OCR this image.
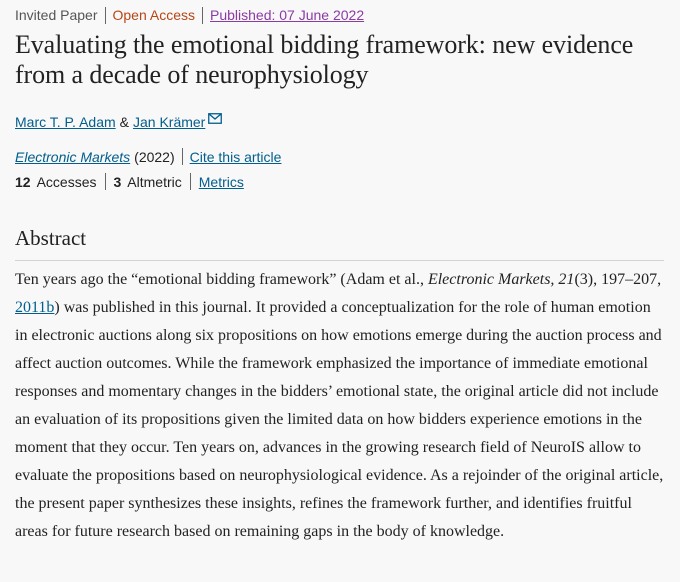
Invited Paper Open Access Published: 07 June 2022
Evaluating the emotional bidding framework: new evidence from a decade of neurophysiology
Marc T. P. Adam & Jan Krämer
Electronic Markets (2022) Cite this article
12 Accesses 3 Altmetric Metrics
Abstract

Ten years ago the “emotional bidding framework” (Adam et al., Electronic Markets, 21(3), 197–207, 2011b) was published in this journal. It provided a conceptualization for the role of human emotion in electronic auctions along six propositions on how emotions emerge during the auction process and affect auction outcomes. While the framework emphasized the importance of immediate emotional responses and momentary changes in the bidders’ emotional state, the original article did not include an evaluation of its propositions given the limited data on how bidders experience emotions in the moment that they occur. Ten years on, advances in the growing research field of NeuroIS allow to evaluate the propositions based on neurophysiological evidence. As a rejoinder of the original article, the present paper synthesizes these insights, refines the framework further, and identifies fruitful areas for future research based on remaining gaps in the body of knowledge.
